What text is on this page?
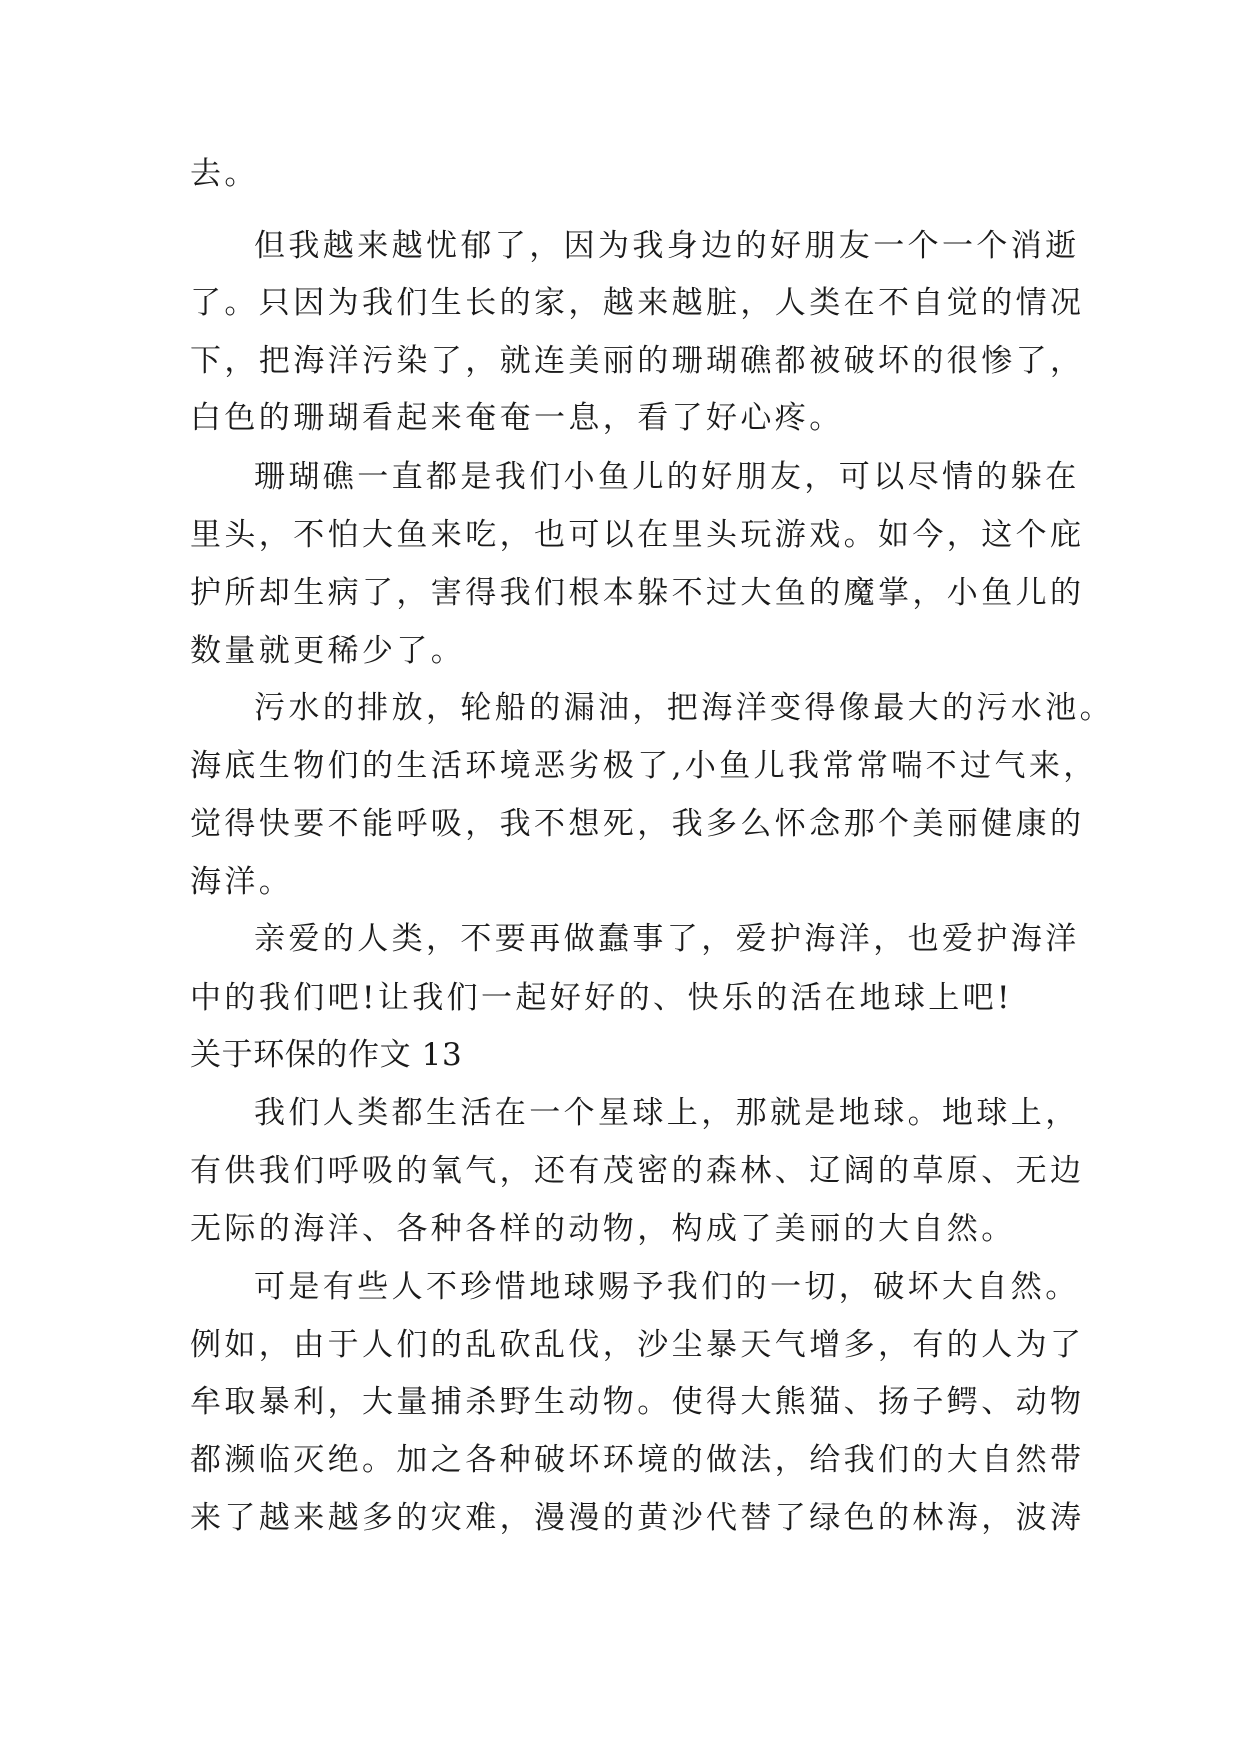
去。
但我越来越忧郁了，因为我身边的好朋友一个一个消逝
了。只因为我们生长的家，越来越脏，人类在不自觉的情况
下，把海洋污染了，就连美丽的珊瑚礁都被破坏的很惨了，
白色的珊瑚看起来奄奄一息，看了好心疼。
珊瑚礁一直都是我们小鱼儿的好朋友，可以尽情的躲在
里头，不怕大鱼来吃，也可以在里头玩游戏。如今，这个庇
护所却生病了，害得我们根本躲不过大鱼的魔掌，小鱼儿的
数量就更稀少了。
污水的排放，轮船的漏油，把海洋变得像最大的污水池。
海底生物们的生活环境恶劣极了,小鱼儿我常常喘不过气来，
觉得快要不能呼吸，我不想死，我多么怀念那个美丽健康的
海洋。
亲爱的人类，不要再做蠢事了，爱护海洋，也爱护海洋
中的我们吧!让我们一起好好的、快乐的活在地球上吧!
关于环保的作文 13
我们人类都生活在一个星球上，那就是地球。地球上，
有供我们呼吸的氧气，还有茂密的森林、辽阔的草原、无边
无际的海洋、各种各样的动物，构成了美丽的大自然。
可是有些人不珍惜地球赐予我们的一切，破坏大自然。
例如，由于人们的乱砍乱伐，沙尘暴天气增多，有的人为了
牟取暴利，大量捕杀野生动物。使得大熊猫、扬子鳄、动物
都濒临灭绝。加之各种破坏环境的做法，给我们的大自然带
来了越来越多的灾难，漫漫的黄沙代替了绿色的林海，波涛
